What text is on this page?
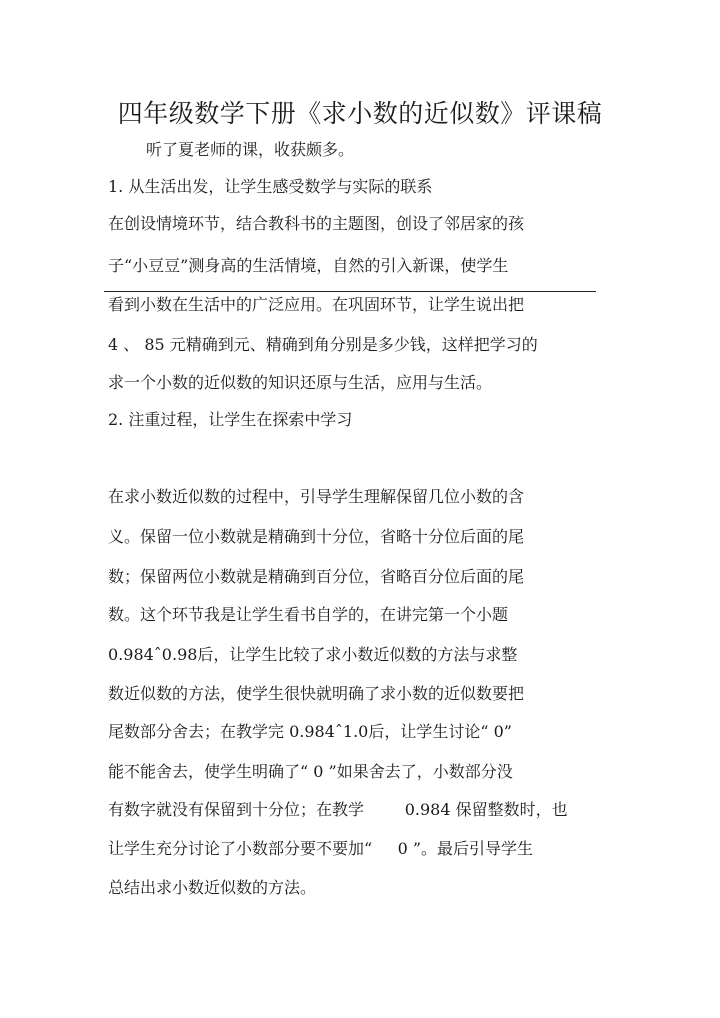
四年级数学下册《求小数的近似数》评课稿
听了夏老师的课，收获颇多。
1. 从生活出发，让学生感受数学与实际的联系
在创设情境环节，结合教科书的主题图，创设了邻居家的孩
子“小豆豆”测身高的生活情境，自然的引入新课，使学生
看到小数在生活中的广泛应用。在巩固环节，让学生说出把
4 、 85 元精确到元、精确到角分别是多少钱，这样把学习的
求一个小数的近似数的知识还原与生活，应用与生活。
2. 注重过程，让学生在探索中学习
在求小数近似数的过程中，引导学生理解保留几位小数的含
义。保留一位小数就是精确到十分位，省略十分位后面的尾
数；保留两位小数就是精确到百分位，省略百分位后面的尾
数。这个环节我是让学生看书自学的，在讲完第一个小题
0.984ˆ0.98后，让学生比较了求小数近似数的方法与求整
数近似数的方法，使学生很快就明确了求小数的近似数要把
尾数部分舍去；在教学完 0.984ˆ1.0后，让学生讨论“ 0”
能不能舍去，使学生明确了“ 0 ”如果舍去了，小数部分没
有数字就没有保留到十分位；在教学        0.984 保留整数时，也
让学生充分讨论了小数部分要不要加“     0 ”。最后引导学生
总结出求小数近似数的方法。
